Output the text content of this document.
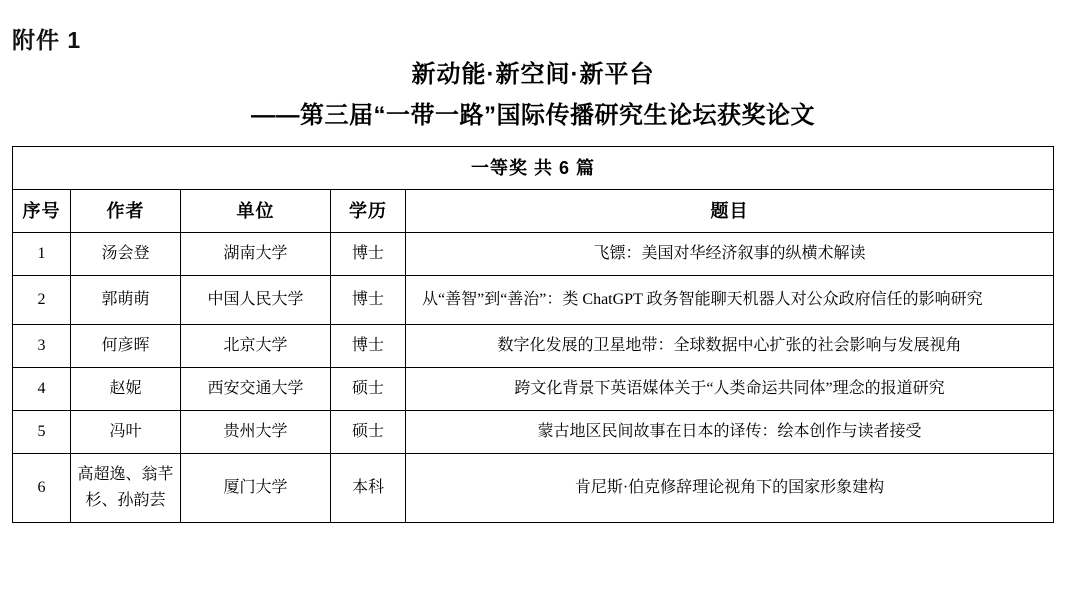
附件 1
新动能·新空间·新平台
——第三届“一带一路”国际传播研究生论坛获奖论文
一等奖 共 6 篇				
序号	作者	单位	学历	题目
1	汤会登	湖南大学	博士	飞镖：美国对华经济叙事的纵横术解读
2	郭萌萌	中国人民大学	博士	从“善智”到“善治”：类 ChatGPT 政务智能聊天机器人对公众政府信任的影响研究
3	何彦晖	北京大学	博士	数字化发展的卫星地带：全球数据中心扩张的社会影响与发展视角
4	赵妮	西安交通大学	硕士	跨文化背景下英语媒体关于“人类命运共同体”理念的报道研究
5	冯叶	贵州大学	硕士	蒙古地区民间故事在日本的译传：绘本创作与读者接受
6	高超逸、翁芊杉、孙韵芸	厦门大学	本科	肯尼斯·伯克修辞理论视角下的国家形象建构
